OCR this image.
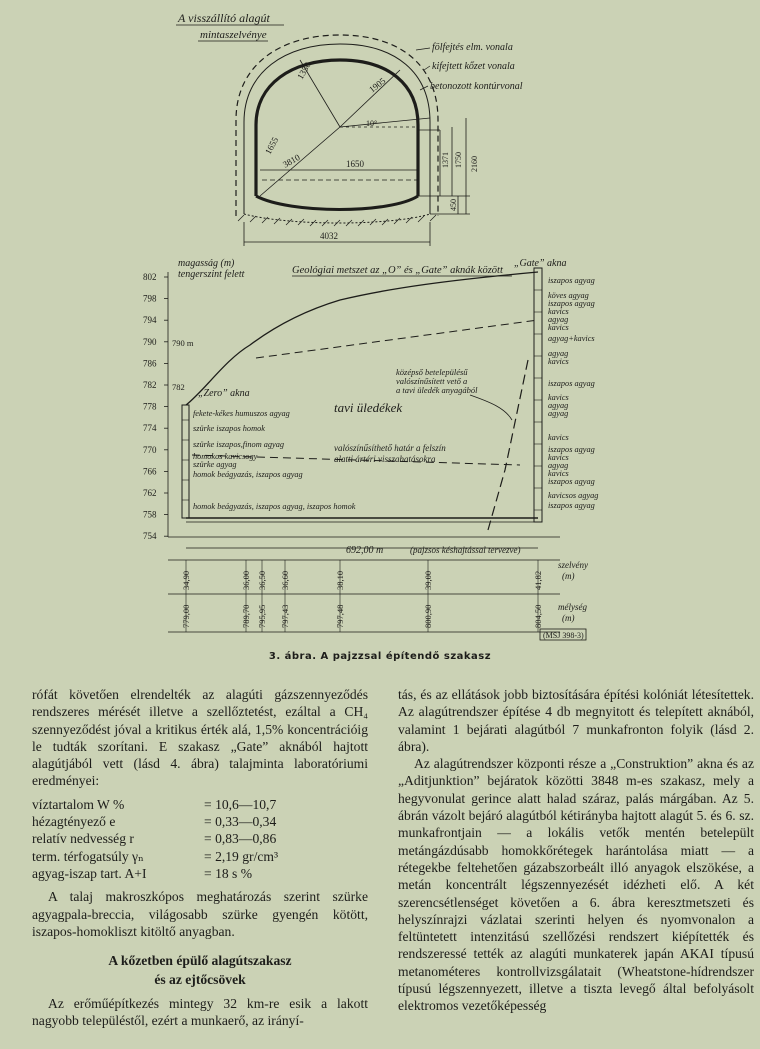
A visszállító alagút
mintaszelvénye
1350
1905
1655
10°
3810	1650	1371 1750 2160
450
fölfejtés elm. vonala
kifejtett kőzet vonala
betonozott kontúrvonal
4032
magasság (m)
tengerszint felett	Geológiai metszet az „O” és „Gate” aknák között
„Gate” akna
„Zero” akna
802
798
794
790
786
782
778
774
770
766
762
758
754
790 m
782
tavi üledékek
középső betelepülésű
valószínűsített vető a
a tavi üledék anyagából
valószínűsíthető határ a felszín
alatti ártéri visszahatásokra
fekete-kékes humuszos agyag
szürke iszapos homok
szürke iszapos,finom agyag
homokos kavicsogy
szürke agyag
homok beágyazás, iszapos agyag
homok beágyazás, iszapos agyag, iszapos homok
iszapos agyag
köves agyag
iszapos agyag
kavics
agyag
kavics
agyag+kavics
agyag
kavics
iszapos agyag
kavics
agyag
agyag
kavics
iszapos agyag
kavics
agyag
kavics
iszapos agyag
kavicsos agyag
iszapos agyag
692,00 m	(pajzsos késhajtással tervezve)
34,90	36,00 36,50 36,60	38,10	39,00	41,82
779,00	789,70 795,95 797,43	797,48	800,90	804,50
szelvény
(m)
mélység
(m)
(MSJ 398-3)
3. ábra. A pajzzsal építendő szakasz

rófát követően elrendelték az alagúti gázszennyeződés rendszeres mérését illetve a szellőztetést, ezáltal a CH₄ szennyeződést jóval a kritikus érték alá, 1,5% koncentrációig le tudták szorítani. E szakasz „Gate” aknából hajtott alagútjából vett (lásd 4. ábra) talajminta laboratóriumi eredményei:

víztartalom W %	= 10,6—10,7
hézagtényező e	= 0,33—0,34
relatív nedvesség r	= 0,83—0,86
term. térfogatsúly γₙ	= 2,19 gr/cm³
agyag-iszap tart. A+I	= 18 s %

A talaj makroszkópos meghatározás szerint szürke agyagpala-breccia, világosabb szürke gyengén kötött, iszapos-homokliszt kitöltő anyagban.

A kőzetben épülő alagútszakasz
és az ejtőcsövek

Az erőműépítkezés mintegy 32 km-re esik a lakott nagyobb településtől, ezért a munkaerő, az irányí-

tás, és az ellátások jobb biztosítására építési kolóniát létesítettek. Az alagútrendszer építése 4 db megnyitott és telepített aknából, valamint 1 bejárati alagútból 7 munkafronton folyik (lásd 2. ábra).

Az alagútrendszer központi része a „Construktion” akna és az „Aditjunktion” bejáratok közötti 3848 m-es szakasz, mely a hegyvonulat gerince alatt halad száraz, palás márgában. Az 5. ábrán vázolt bejáró alagútból kétirányba hajtott alagút 5. és 6. sz. munkafrontjain — a lokális vetők mentén betelepült metángázdúsabb homokkőrétegek harántolása miatt — a rétegekbe feltehetően gázabszorbeált illó anyagok elszökése, a metán koncentrált légszennyezését idézheti elő. A két szerencsétlenséget követően a 6. ábra keresztmetszeti és helyszínrajzi vázlatai szerinti helyen és nyomvonalon a feltüntetett intenzitású szellőzési rendszert kiépítették és rendszeressé tették az alagúti munkaterek japán AKAI típusú metanométeres kontrollvizsgálatait (Wheatstone-hídrendszer típusú légszennyezett, illetve a tiszta levegő által befolyásolt elektromos vezetőképesség
